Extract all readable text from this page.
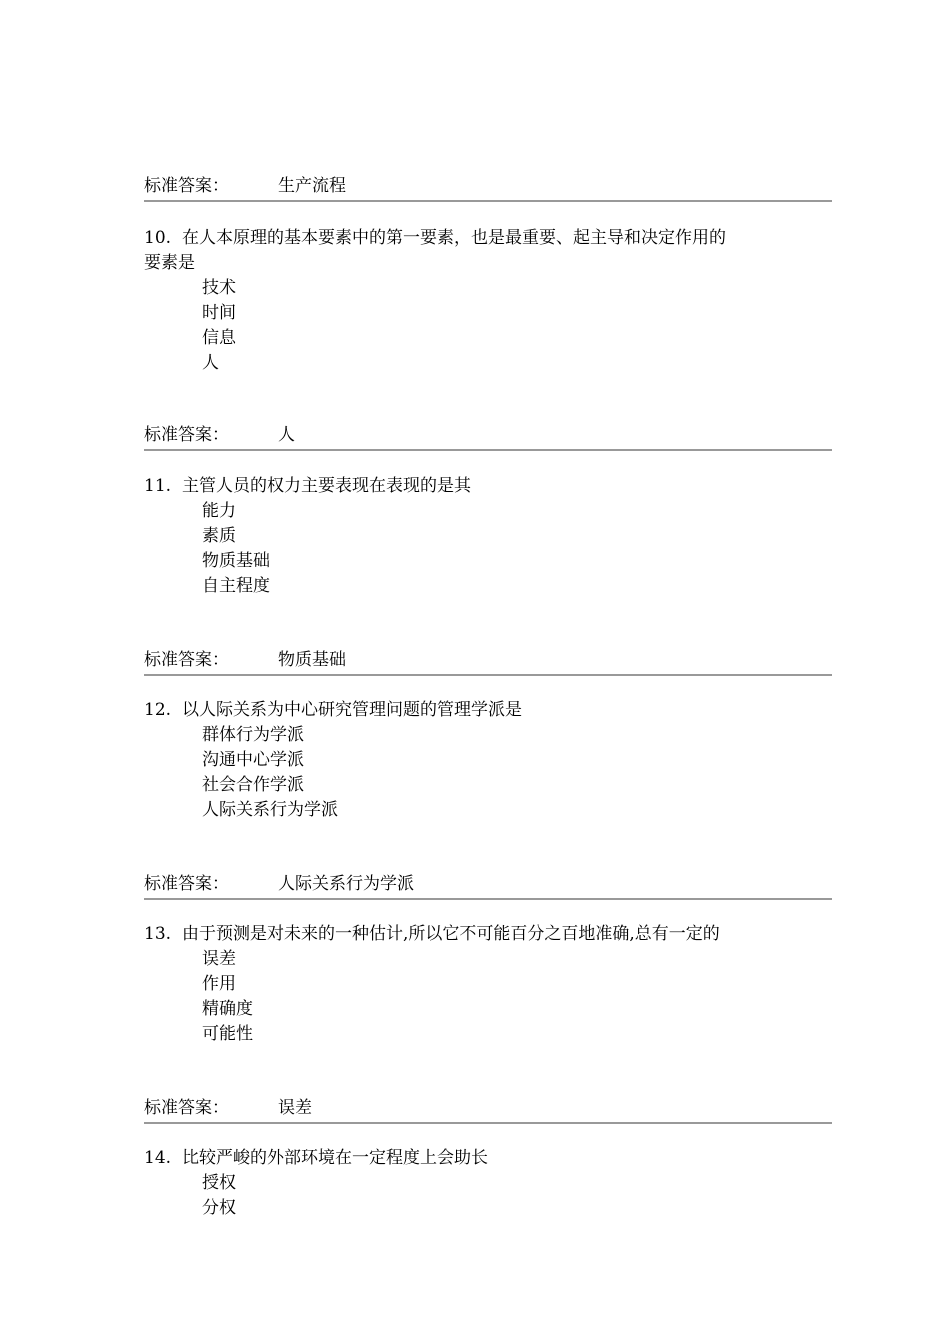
标准答案：	生产流程
10. 在人本原理的基本要素中的第一要素，也是最重要、起主导和决定作用的
要素是
技术
时间
信息
人
标准答案：	人
11. 主管人员的权力主要表现在表现的是其
能力
素质
物质基础
自主程度
标准答案：	物质基础
12. 以人际关系为中心研究管理问题的管理学派是
群体行为学派
沟通中心学派
社会合作学派
人际关系行为学派
标准答案：	人际关系行为学派
13. 由于预测是对未来的一种估计,所以它不可能百分之百地准确,总有一定的
误差
作用
精确度
可能性
标准答案：	误差
14. 比较严峻的外部环境在一定程度上会助长
授权
分权
